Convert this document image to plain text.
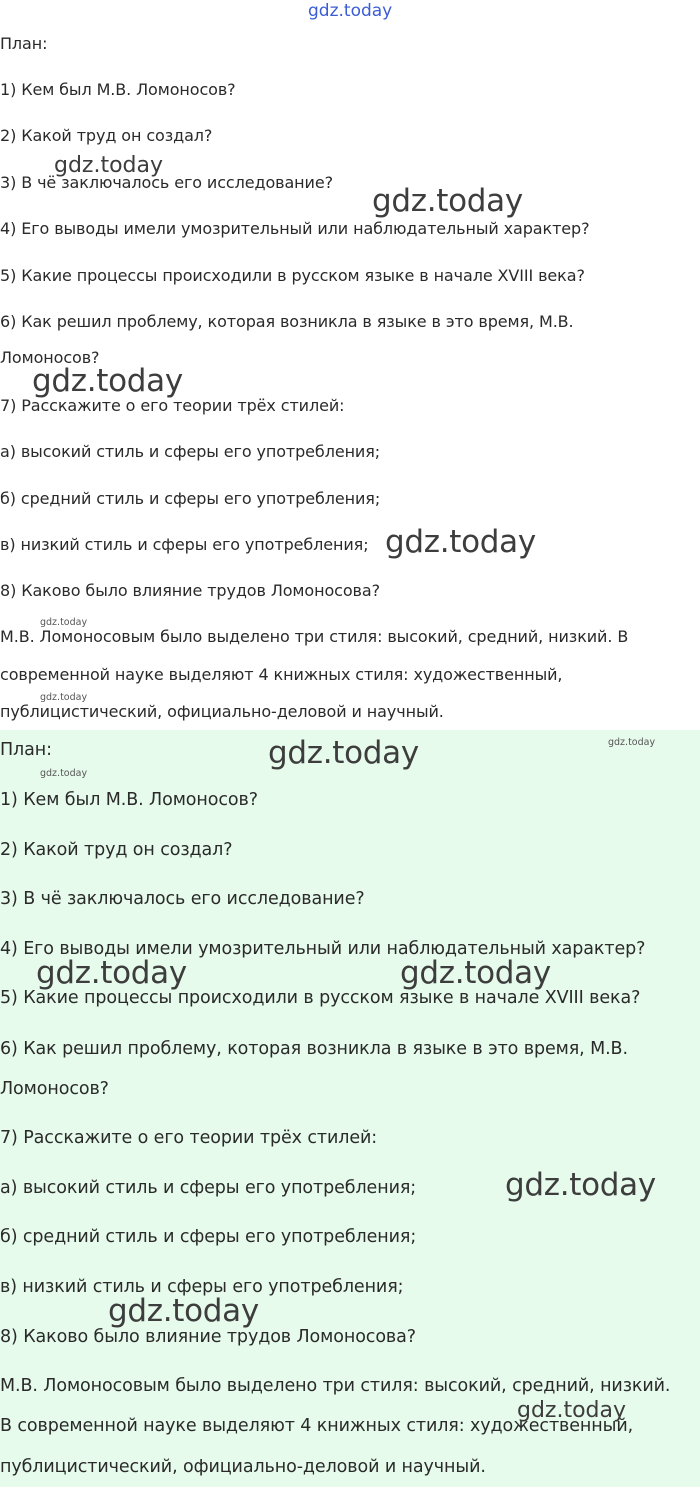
План:
1) Кем был М.В. Ломоносов?
2) Какой труд он создал?
3) В чё заключалось его исследование?
4) Его выводы имели умозрительный или наблюдательный характер?
5) Какие процессы происходили в русском языке в начале XVIII века?
6) Как решил проблему, которая возникла в языке в это время, М.В.
Ломоносов?
7) Расскажите о его теории трёх стилей:
а) высокий стиль и сферы его употребления;
б) средний стиль и сферы его употребления;
в) низкий стиль и сферы его употребления;
8) Каково было влияние трудов Ломоносова?
М.В. Ломоносовым было выделено три стиля: высокий, средний, низкий. В
современной науке выделяют 4 книжных стиля: художественный,
публицистический, официально-деловой и научный.
gdz.today
gdz.today
gdz.today
gdz.today
gdz.today
gdz.today
gdz.today
План:
1) Кем был М.В. Ломоносов?
2) Какой труд он создал?
3) В чё заключалось его исследование?
4) Его выводы имели умозрительный или наблюдательный характер?
5) Какие процессы происходили в русском языке в начале XVIII века?
6) Как решил проблему, которая возникла в языке в это время, М.В.
Ломоносов?
7) Расскажите о его теории трёх стилей:
а) высокий стиль и сферы его употребления;
б) средний стиль и сферы его употребления;
в) низкий стиль и сферы его употребления;
8) Каково было влияние трудов Ломоносова?
М.В. Ломоносовым было выделено три стиля: высокий, средний, низкий.
В современной науке выделяют 4 книжных стиля: художественный,
публицистический, официально-деловой и научный.
gdz.today	gdz.today
gdz.today
gdz.today	gdz.today
gdz.today
gdz.today
gdz.today
